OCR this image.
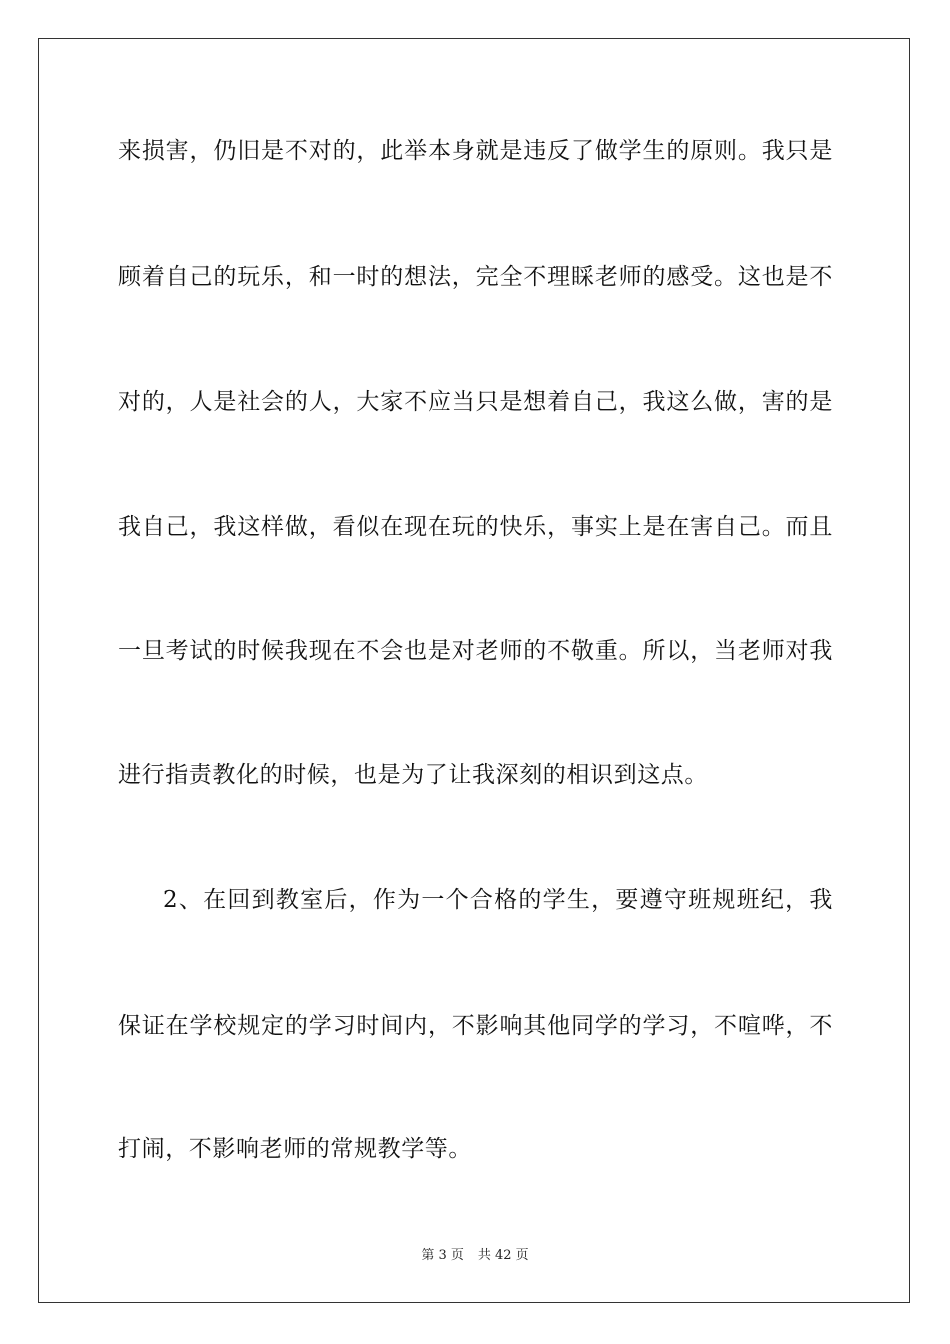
来损害，仍旧是不对的，此举本身就是违反了做学生的原则。我只是
顾着自己的玩乐，和一时的想法，完全不理睬老师的感受。这也是不
对的，人是社会的人，大家不应当只是想着自己，我这么做，害的是
我自己，我这样做，看似在现在玩的快乐，事实上是在害自己。而且
一旦考试的时候我现在不会也是对老师的不敬重。所以，当老师对我
进行指责教化的时候，也是为了让我深刻的相识到这点。
2、在回到教室后，作为一个合格的学生，要遵守班规班纪，我
保证在学校规定的学习时间内，不影响其他同学的学习，不喧哗，不
打闹，不影响老师的常规教学等。
第 3 页 共 42 页
